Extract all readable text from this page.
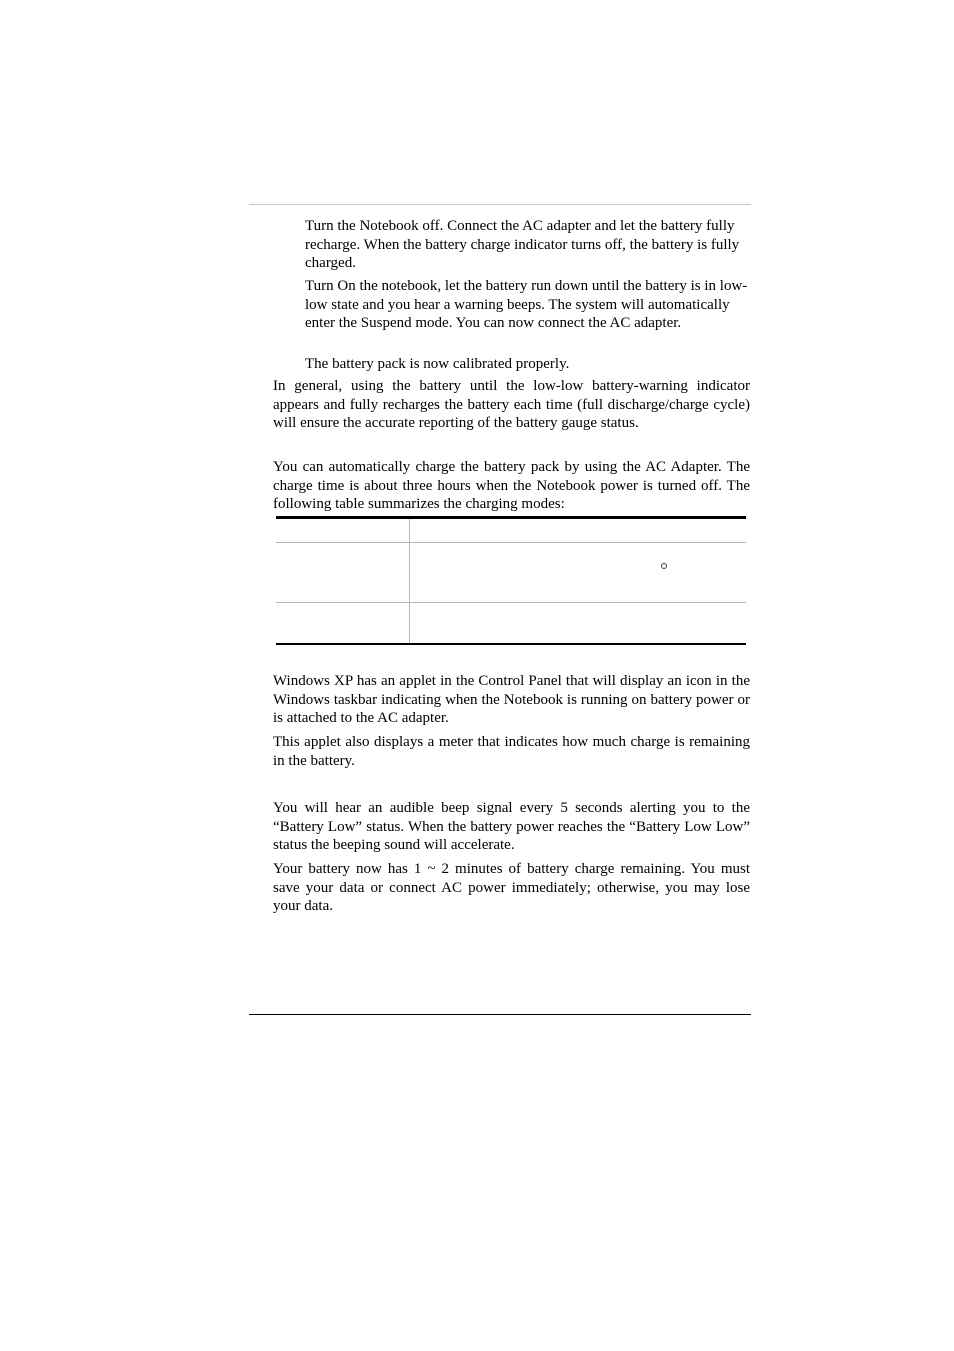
Turn the Notebook off. Connect the AC adapter and let the battery fully recharge. When the battery charge indicator turns off, the battery is fully charged.

Turn On the notebook, let the battery run down until the battery is in low-low state and you hear a warning beeps. The system will automatically enter the Suspend mode. You can now connect the AC adapter.

The battery pack is now calibrated properly.

In general, using the battery until the low-low battery-warning indicator appears and fully recharges the battery each time (full discharge/charge cycle) will ensure the accurate reporting of the battery gauge status.

You can automatically charge the battery pack by using the AC Adapter. The charge time is about three hours when the Notebook power is turned off. The following table summarizes the charging modes:

Windows XP has an applet in the Control Panel that will display an icon in the Windows taskbar indicating when the Notebook is running on battery power or is attached to the AC adapter.

This applet also displays a meter that indicates how much charge is remaining in the battery.

You will hear an audible beep signal every 5 seconds alerting you to the “Battery Low” status. When the battery power reaches the “Battery Low Low” status the beeping sound will accelerate.

Your battery now has 1 ~ 2 minutes of battery charge remaining. You must save your data or connect AC power immediately; otherwise, you may lose your data.
